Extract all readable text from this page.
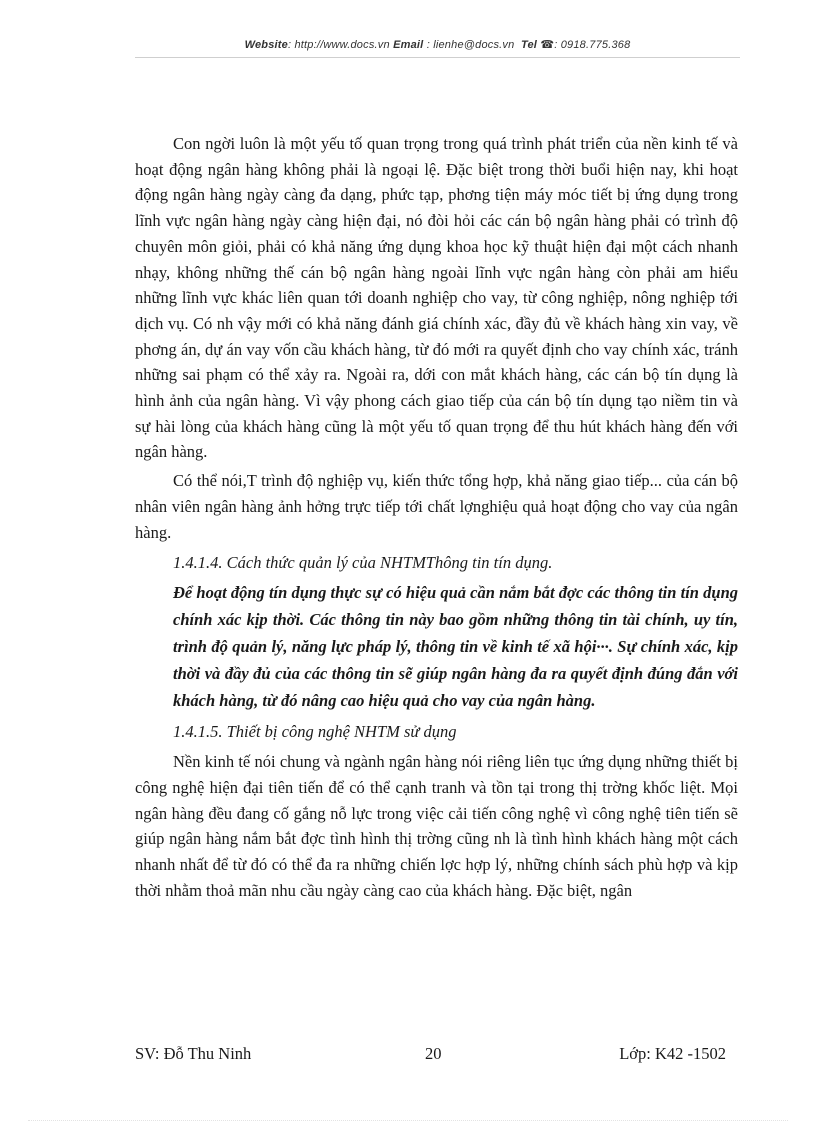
Website: http://www.docs.vn Email : lienhe@docs.vn Tel ☎: 0918.775.368

Con ngời luôn là một yếu tố quan trọng trong quá trình phát triển của nền kinh tế và hoạt động ngân hàng không phải là ngoại lệ. Đặc biệt trong thời buổi hiện nay, khi hoạt động ngân hàng ngày càng đa dạng, phức tạp, phơng tiện máy móc tiết bị ứng dụng trong lĩnh vực ngân hàng ngày càng hiện đại, nó đòi hỏi các cán bộ ngân hàng phải có trình độ chuyên môn giỏi, phải có khả năng ứng dụng khoa học kỹ thuật hiện đại một cách nhanh nhạy, không những thế cán bộ ngân hàng ngoài lĩnh vực ngân hàng còn phải am hiểu những lĩnh vực khác liên quan tới doanh nghiệp cho vay, từ công nghiệp, nông nghiệp tới dịch vụ. Có nh vậy mới có khả năng đánh giá chính xác, đầy đủ về khách hàng xin vay, về phơng án, dự án vay vốn cầu khách hàng, từ đó mới ra quyết định cho vay chính xác, tránh những sai phạm có thể xảy ra. Ngoài ra, dới con mắt khách hàng, các cán bộ tín dụng là hình ảnh của ngân hàng. Vì vậy phong cách giao tiếp của cán bộ tín dụng tạo niềm tin và sự hài lòng của khách hàng cũng là một yếu tố quan trọng để thu hút khách hàng đến với ngân hàng.

Có thể nói,T trình độ nghiệp vụ, kiến thức tổng hợp, khả năng giao tiếp... của cán bộ nhân viên ngân hàng ảnh hởng trực tiếp tới chất lợnghiệu quả hoạt động cho vay của ngân hàng.

1.4.1.4. Cách thức quản lý của NHTMThông tin tín dụng.

Để hoạt động tín dụng thực sự có hiệu quả cần nắm bắt đợc các thông tin tín dụng chính xác kịp thời. Các thông tin này bao gồm những thông tin tài chính, uy tín, trình độ quản lý, năng lực pháp lý, thông tin về kinh tế xã hội···. Sự chính xác, kịp thời và đầy đủ của các thông tin sẽ giúp ngân hàng đa ra quyết định đúng đắn với khách hàng, từ đó nâng cao hiệu quả cho vay của ngân hàng.

1.4.1.5. Thiết bị công nghệ NHTM sử dụng

Nền kinh tế nói chung và ngành ngân hàng nói riêng liên tục ứng dụng những thiết bị công nghệ hiện đại tiên tiến để có thể cạnh tranh và tồn tại trong thị trờng khốc liệt. Mọi ngân hàng đều đang cố gắng nỗ lực trong việc cải tiến công nghệ vì công nghệ tiên tiến sẽ giúp ngân hàng nắm bắt đợc tình hình thị trờng cũng nh là tình hình khách hàng một cách nhanh nhất để từ đó có thể đa ra những chiến lợc hợp lý, những chính sách phù hợp và kịp thời nhằm thoả mãn nhu cầu ngày càng cao của khách hàng. Đặc biệt, ngân

SV: Đỗ Thu Ninh	20	Lớp: K42 -1502
